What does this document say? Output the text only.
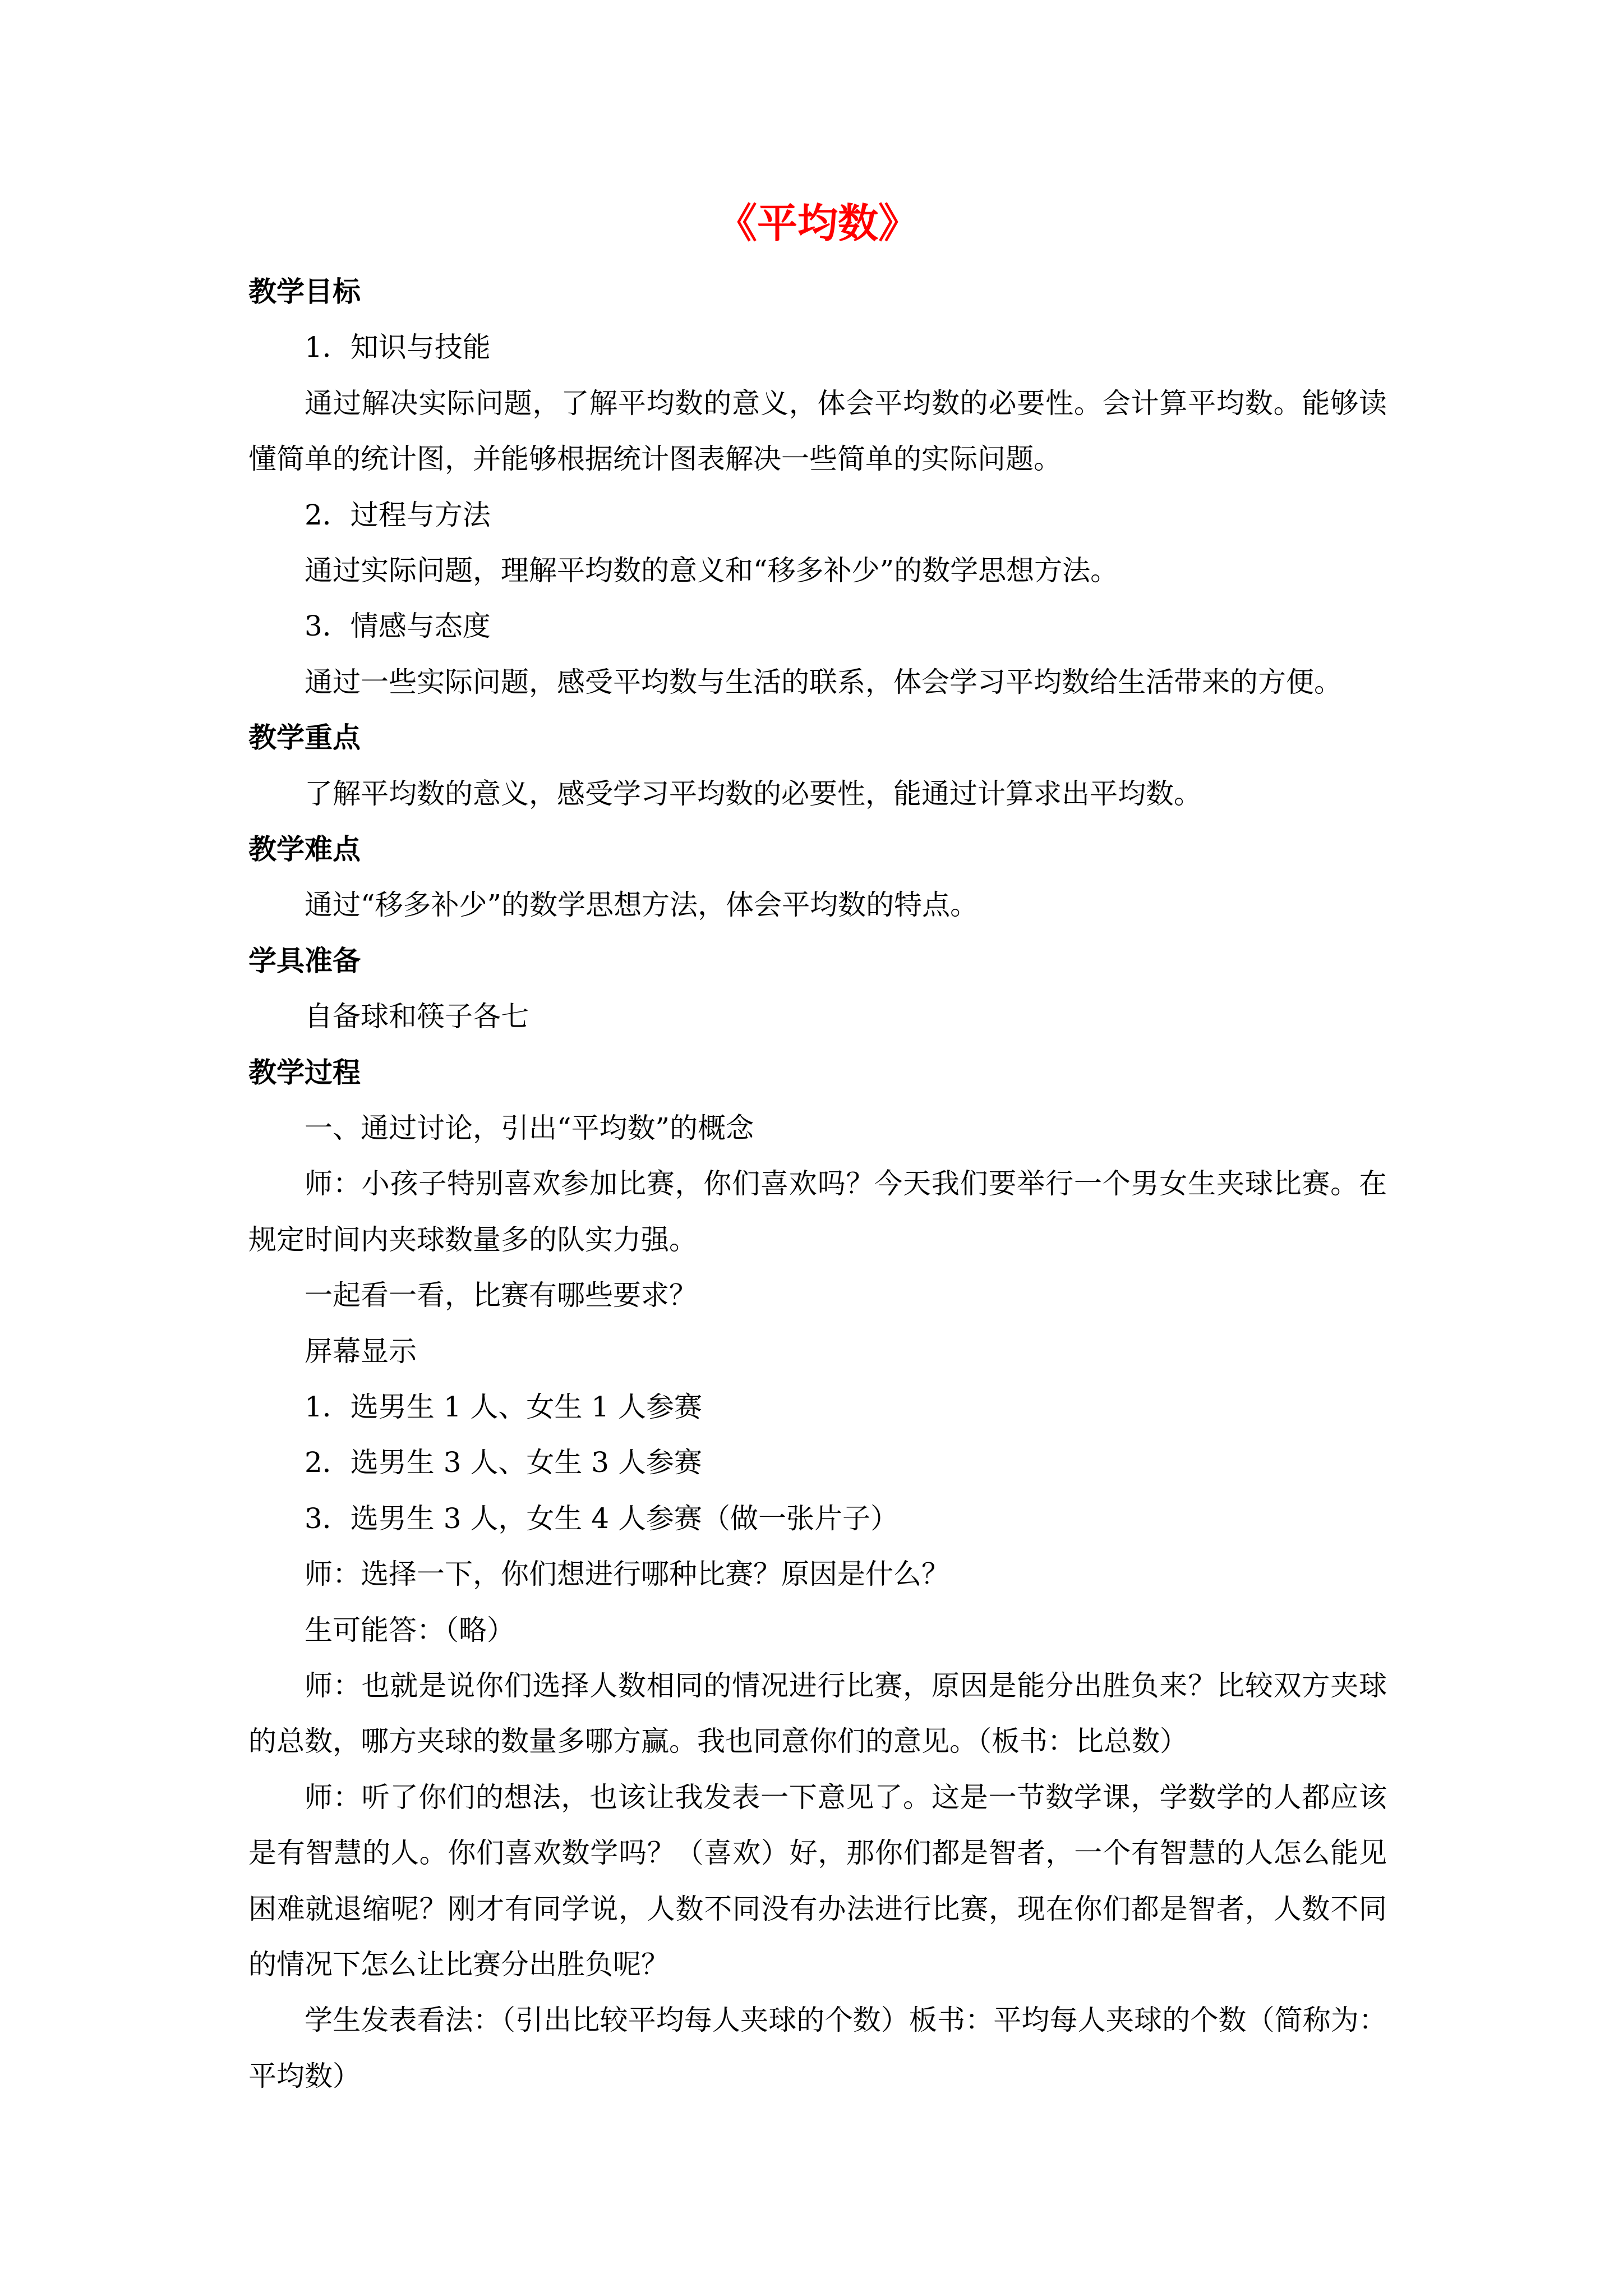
《平均数》
教学目标
1．知识与技能
通过解决实际问题，了解平均数的意义，体会平均数的必要性。会计算平均数。能够读
懂简单的统计图，并能够根据统计图表解决一些简单的实际问题。
2．过程与方法
通过实际问题，理解平均数的意义和“移多补少”的数学思想方法。
3．情感与态度
通过一些实际问题，感受平均数与生活的联系，体会学习平均数给生活带来的方便。
教学重点
了解平均数的意义，感受学习平均数的必要性，能通过计算求出平均数。
教学难点
通过“移多补少”的数学思想方法，体会平均数的特点。
学具准备
自备球和筷子各七
教学过程
一、通过讨论，引出“平均数”的概念
师：小孩子特别喜欢参加比赛，你们喜欢吗？今天我们要举行一个男女生夹球比赛。在
规定时间内夹球数量多的队实力强。
一起看一看，比赛有哪些要求？
屏幕显示
1．选男生 1 人、女生 1 人参赛
2．选男生 3 人、女生 3 人参赛
3．选男生 3 人，女生 4 人参赛（做一张片子）
师：选择一下，你们想进行哪种比赛？原因是什么？
生可能答：（略）
师：也就是说你们选择人数相同的情况进行比赛，原因是能分出胜负来？比较双方夹球
的总数，哪方夹球的数量多哪方赢。我也同意你们的意见。（板书：比总数）
师：听了你们的想法，也该让我发表一下意见了。这是一节数学课，学数学的人都应该
是有智慧的人。你们喜欢数学吗？（喜欢）好，那你们都是智者，一个有智慧的人怎么能见
困难就退缩呢？刚才有同学说，人数不同没有办法进行比赛，现在你们都是智者，人数不同
的情况下怎么让比赛分出胜负呢？
学生发表看法：（引出比较平均每人夹球的个数）板书：平均每人夹球的个数（简称为：
平均数）
